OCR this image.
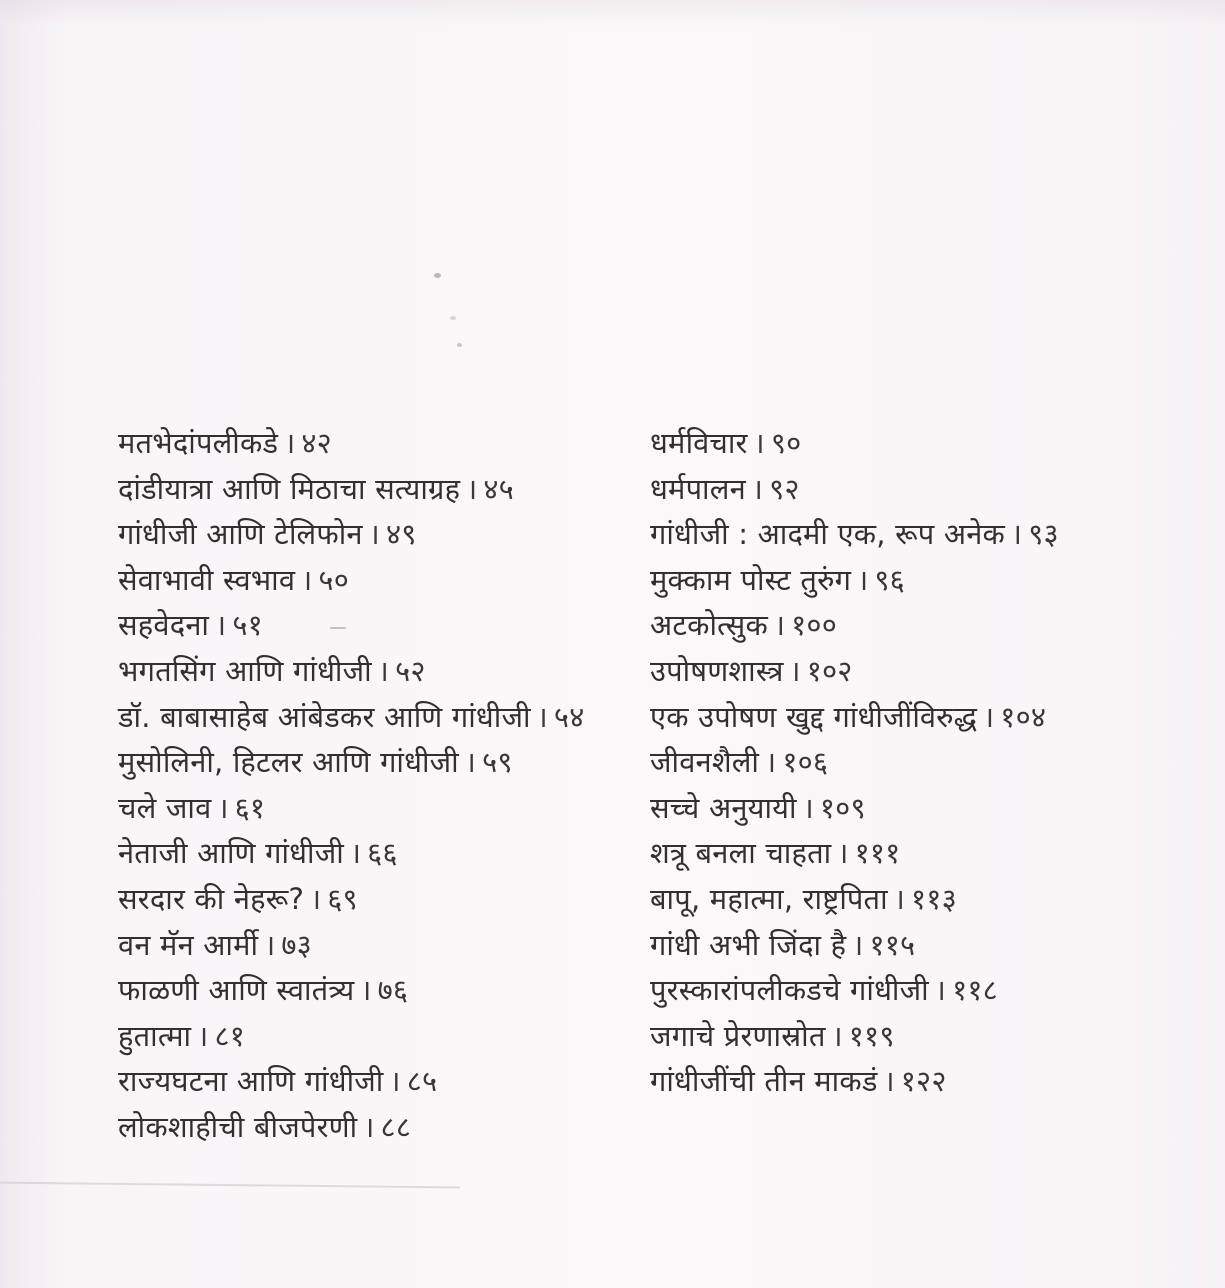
मतभेदांपलीकडे । ४२
दांडीयात्रा आणि मिठाचा सत्याग्रह । ४५
गांधीजी आणि टेलिफोन । ४९
सेवाभावी स्वभाव । ५०
सहवेदना । ५१
भगतसिंग आणि गांधीजी । ५२
डॉ. बाबासाहेब आंबेडकर आणि गांधीजी । ५४
मुसोलिनी, हिटलर आणि गांधीजी । ५९
चले जाव । ६१
नेताजी आणि गांधीजी । ६६
सरदार की नेहरू? । ६९
वन मॅन आर्मी । ७३
फाळणी आणि स्वातंत्र्य । ७६
हुतात्मा । ८१
राज्यघटना आणि गांधीजी । ८५
लोकशाहीची बीजपेरणी । ८८
धर्मविचार । ९०
धर्मपालन । ९२
गांधीजी : आदमी एक, रूप अनेक । ९३
मुक्काम पोस्ट तुरुंग । ९६
अटकोत्सुक । १००
उपोषणशास्त्र । १०२
एक उपोषण खुद्द गांधीजींविरुद्ध । १०४
जीवनशैली । १०६
सच्चे अनुयायी । १०९
शत्रू बनला चाहता । १११
बापू, महात्मा, राष्ट्रपिता । ११३
गांधी अभी जिंदा है । ११५
पुरस्कारांपलीकडचे गांधीजी । ११८
जगाचे प्रेरणास्रोत । ११९
गांधीजींची तीन माकडं । १२२
